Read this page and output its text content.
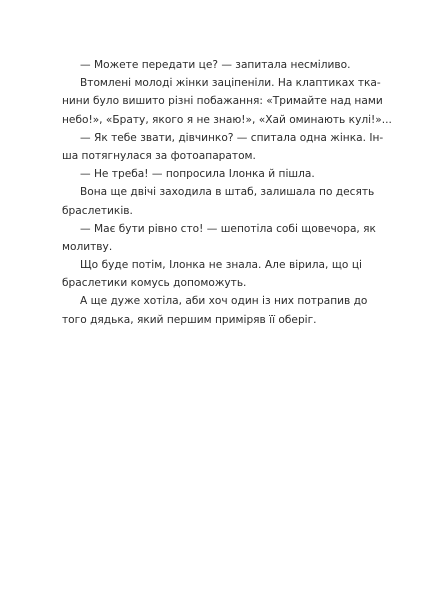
— Можете передати це? — запитала несміливо.
Втомлені молоді жінки заціпеніли. На клаптиках тка-
нини було вишито різні побажання: «Тримайте над нами
небо!», «Брату, якого я не знаю!», «Хай оминають кулі!»...
— Як тебе звати, дівчинко? — спитала одна жінка. Ін-
ша потягнулася за фотоапаратом.
— Не треба! — попросила Ілонка й пішла.
Вона ще двічі заходила в штаб, залишала по десять
браслетиків.
— Має бути рівно сто! — шепотіла собі щовечора, як
молитву.
Що буде потім, Ілонка не знала. Але вірила, що ці
браслетики комусь допоможуть.
А ще дуже хотіла, аби хоч один із них потрапив до
того дядька, який першим приміряв її оберіг.
